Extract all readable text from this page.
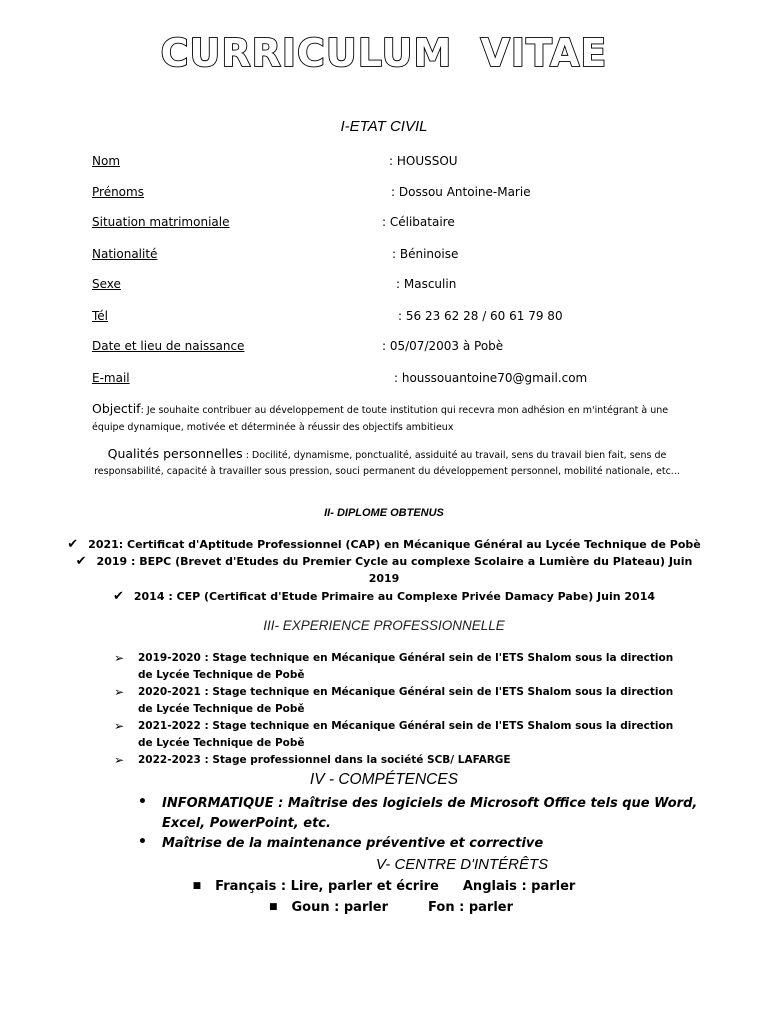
CURRICULUM VITAE
I-ETAT CIVIL
Nom	: HOUSSOU
Prénoms	: Dossou Antoine-Marie
Situation matrimoniale	: Célibataire
Nationalité	: Béninoise
Sexe	: Masculin
Tél	: 56 23 62 28 / 60 61 79 80
Date et lieu de naissance	: 05/07/2003 à Pobè
E-mail	: houssouantoine70@gmail.com
Objectif: Je souhaite contribuer au développement de toute institution qui recevra mon adhésion en m'intégrant à une équipe dynamique, motivée et déterminée à réussir des objectifs ambitieux
Qualités personnelles : Docilité, dynamisme, ponctualité, assiduité au travail, sens du travail bien fait, sens de responsabilité, capacité à travailler sous pression, souci permanent du développement personnel, mobilité nationale, etc...
II- DIPLOME OBTENUS
✔ 2021: Certificat d'Aptitude Professionnel (CAP) en Mécanique Général au Lycée Technique de Pobè
✔ 2019 : BEPC (Brevet d'Etudes du Premier Cycle au complexe Scolaire a Lumière du Plateau) Juin
2019
✔ 2014 : CEP (Certificat d'Etude Primaire au Complexe Privée Damacy Pabe) Juin 2014
III- EXPERIENCE PROFESSIONNELLE
➢ 2019-2020 : Stage technique en Mécanique Général sein de l'ETS Shalom sous la direction de Lycée Technique de Pobě
➢ 2020-2021 : Stage technique en Mécanique Général sein de l'ETS Shalom sous la direction de Lycée Technique de Pobě
➢ 2021-2022 : Stage technique en Mécanique Général sein de l'ETS Shalom sous la direction de Lycée Technique de Pobě
➢ 2022-2023 : Stage professionnel dans la société SCB/ LAFARGE
IV - COMPÉTENCES
• INFORMATIQUE : Maîtrise des logiciels de Microsoft Office tels que Word, Excel, PowerPoint, etc.
• Maîtrise de la maintenance préventive et corrective
V- CENTRE D'INTÉRÊTS
■ Français : Lire, parler et écrire Anglais : parler
■ Goun : parler	Fon : parler
